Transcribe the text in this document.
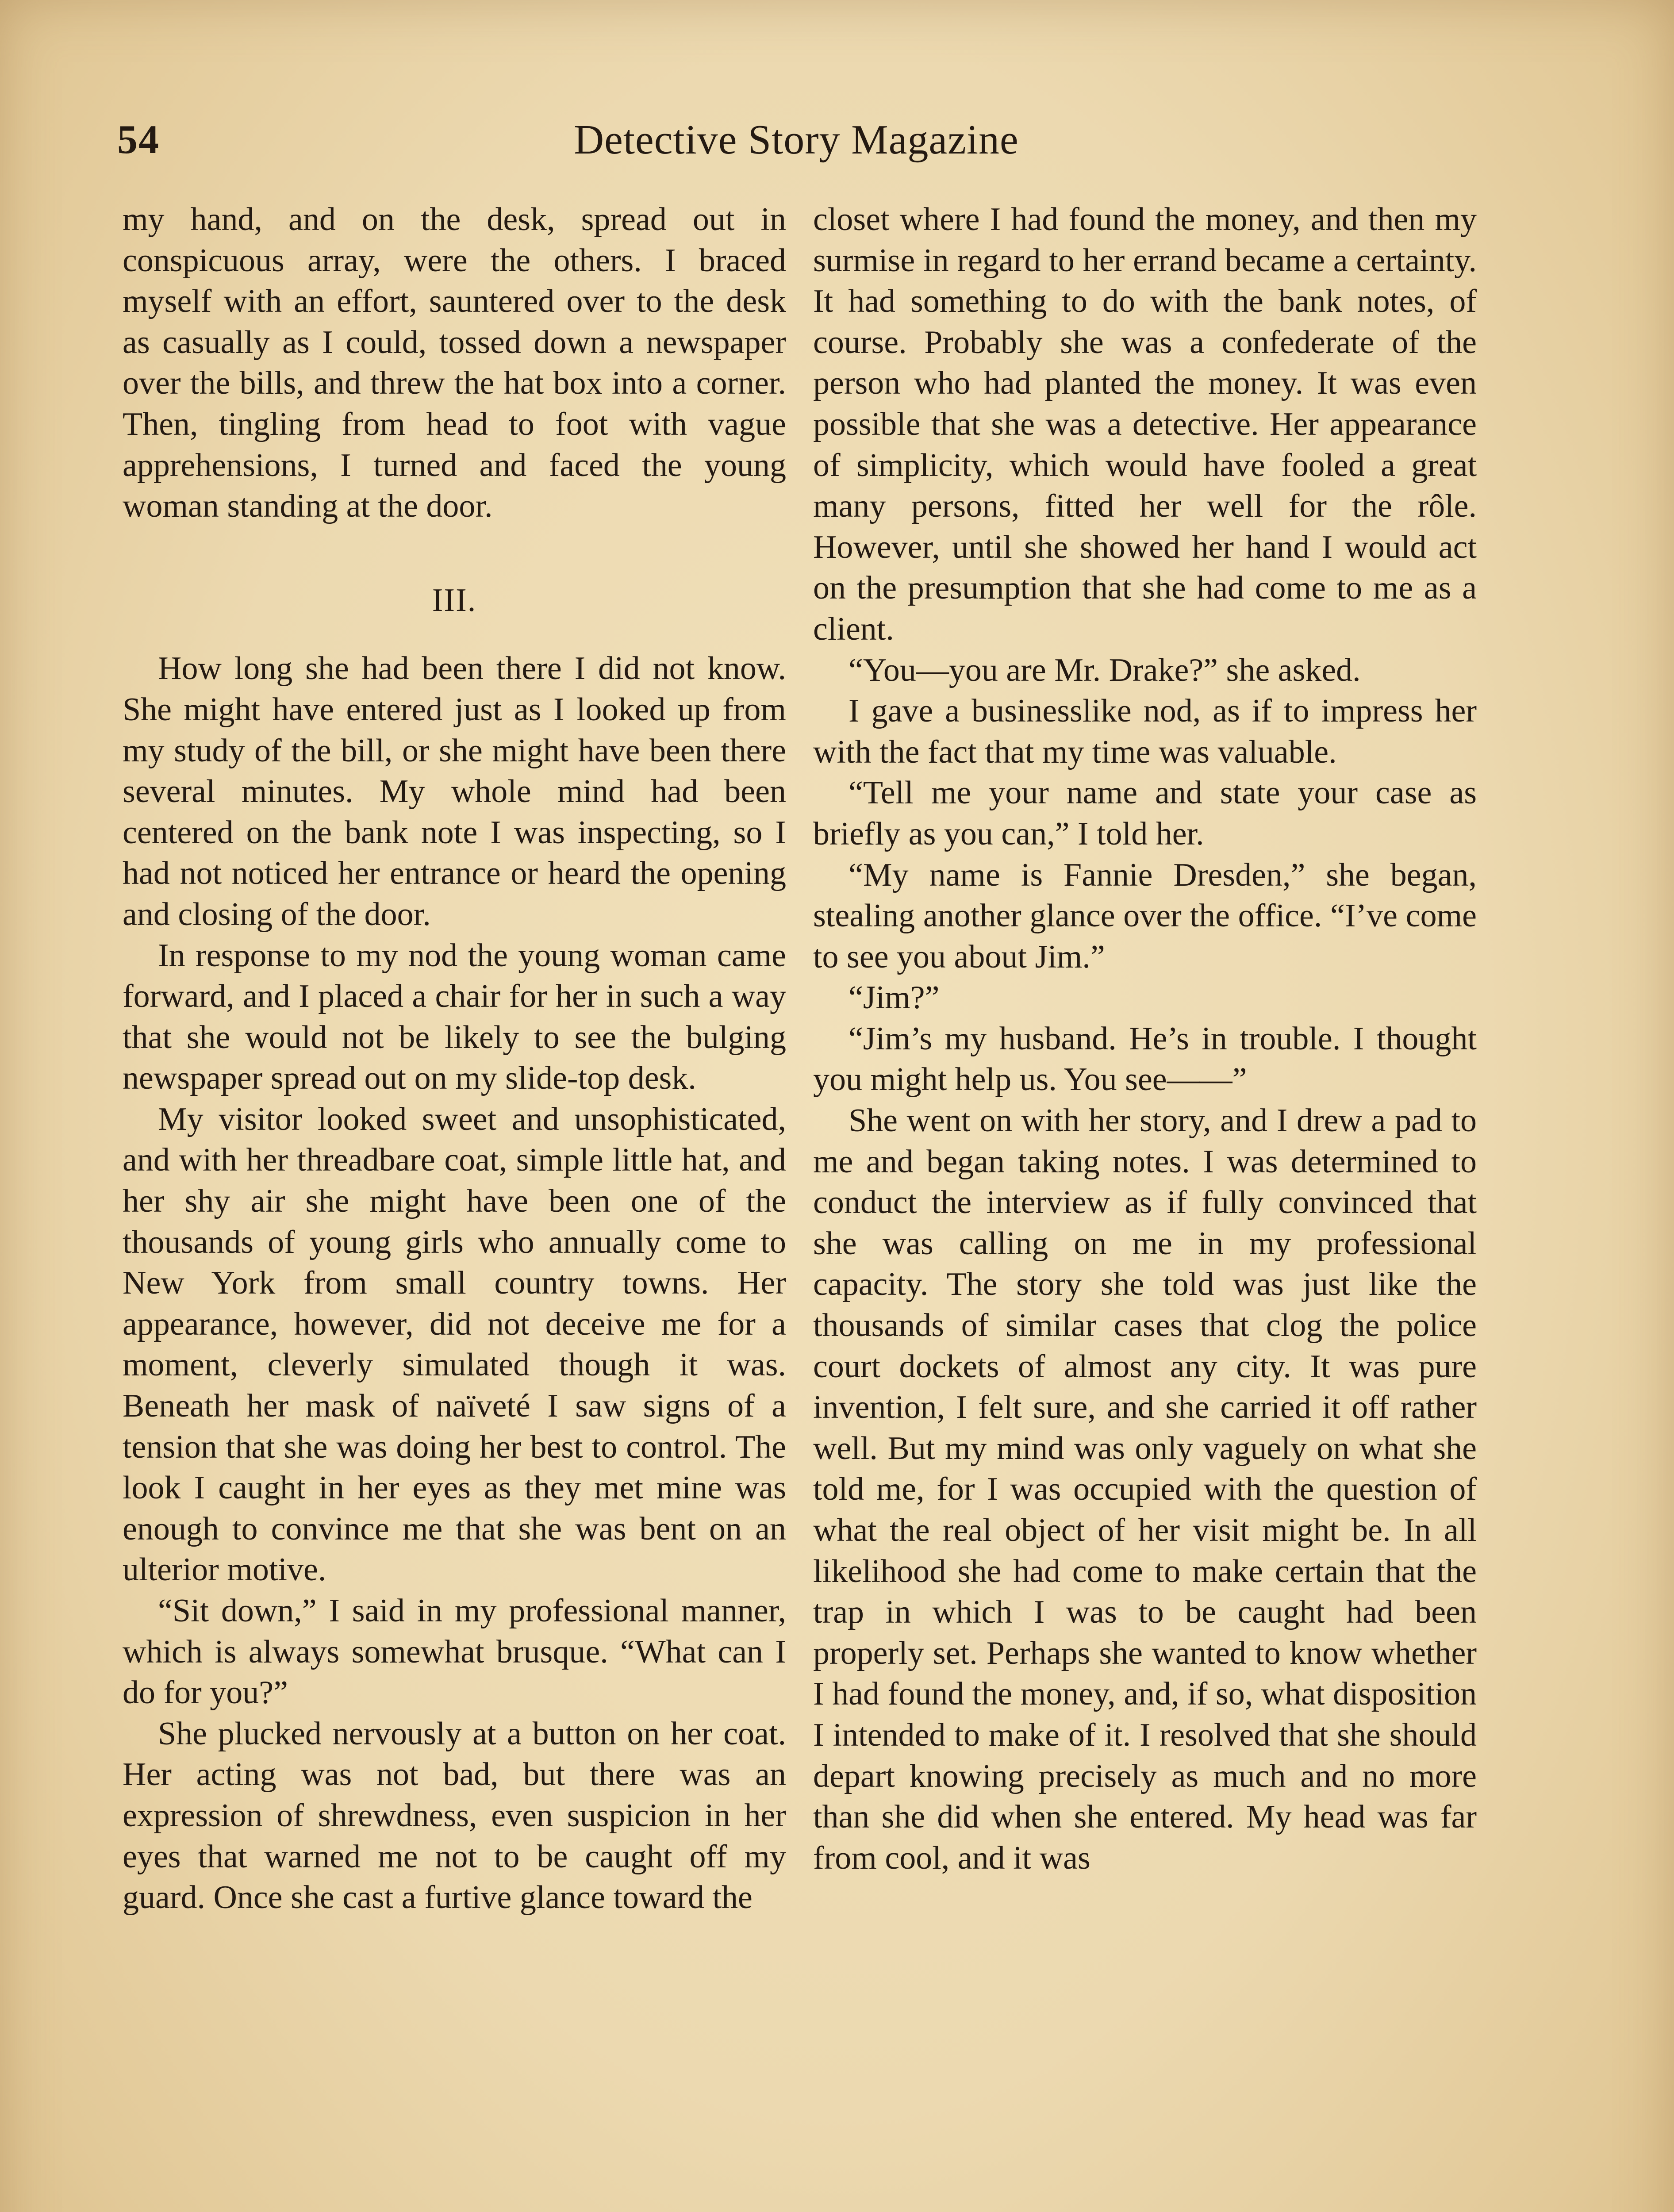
54	Detective Story Magazine

my hand, and on the desk, spread out in conspicuous array, were the others. I braced myself with an effort, sauntered over to the desk as casually as I could, tossed down a newspaper over the bills, and threw the hat box into a corner. Then, tingling from head to foot with vague apprehensions, I turned and faced the young woman standing at the door.

III.

How long she had been there I did not know. She might have entered just as I looked up from my study of the bill, or she might have been there several minutes. My whole mind had been centered on the bank note I was inspecting, so I had not noticed her entrance or heard the opening and closing of the door.

In response to my nod the young woman came forward, and I placed a chair for her in such a way that she would not be likely to see the bulging newspaper spread out on my slide-top desk.

My visitor looked sweet and unsophisticated, and with her threadbare coat, simple little hat, and her shy air she might have been one of the thousands of young girls who annually come to New York from small country towns. Her appearance, however, did not deceive me for a moment, cleverly simulated though it was. Beneath her mask of naïveté I saw signs of a tension that she was doing her best to control. The look I caught in her eyes as they met mine was enough to convince me that she was bent on an ulterior motive.

“Sit down,” I said in my professional manner, which is always somewhat brusque. “What can I do for you?”

She plucked nervously at a button on her coat. Her acting was not bad, but there was an expression of shrewdness, even suspicion in her eyes that warned me not to be caught off my guard. Once she cast a furtive glance toward the

closet where I had found the money, and then my surmise in regard to her errand became a certainty. It had something to do with the bank notes, of course. Probably she was a confederate of the person who had planted the money. It was even possible that she was a detective. Her appearance of simplicity, which would have fooled a great many persons, fitted her well for the rôle. However, until she showed her hand I would act on the presumption that she had come to me as a client.

“You—you are Mr. Drake?” she asked.

I gave a businesslike nod, as if to impress her with the fact that my time was valuable.

“Tell me your name and state your case as briefly as you can,” I told her.

“My name is Fannie Dresden,” she began, stealing another glance over the office. “I’ve come to see you about Jim.”

“Jim?”

“Jim’s my husband. He’s in trouble. I thought you might help us. You see——”

She went on with her story, and I drew a pad to me and began taking notes. I was determined to conduct the interview as if fully convinced that she was calling on me in my professional capacity. The story she told was just like the thousands of similar cases that clog the police court dockets of almost any city. It was pure invention, I felt sure, and she carried it off rather well. But my mind was only vaguely on what she told me, for I was occupied with the question of what the real object of her visit might be. In all likelihood she had come to make certain that the trap in which I was to be caught had been properly set. Perhaps she wanted to know whether I had found the money, and, if so, what disposition I intended to make of it. I resolved that she should depart knowing precisely as much and no more than she did when she entered. My head was far from cool, and it was
